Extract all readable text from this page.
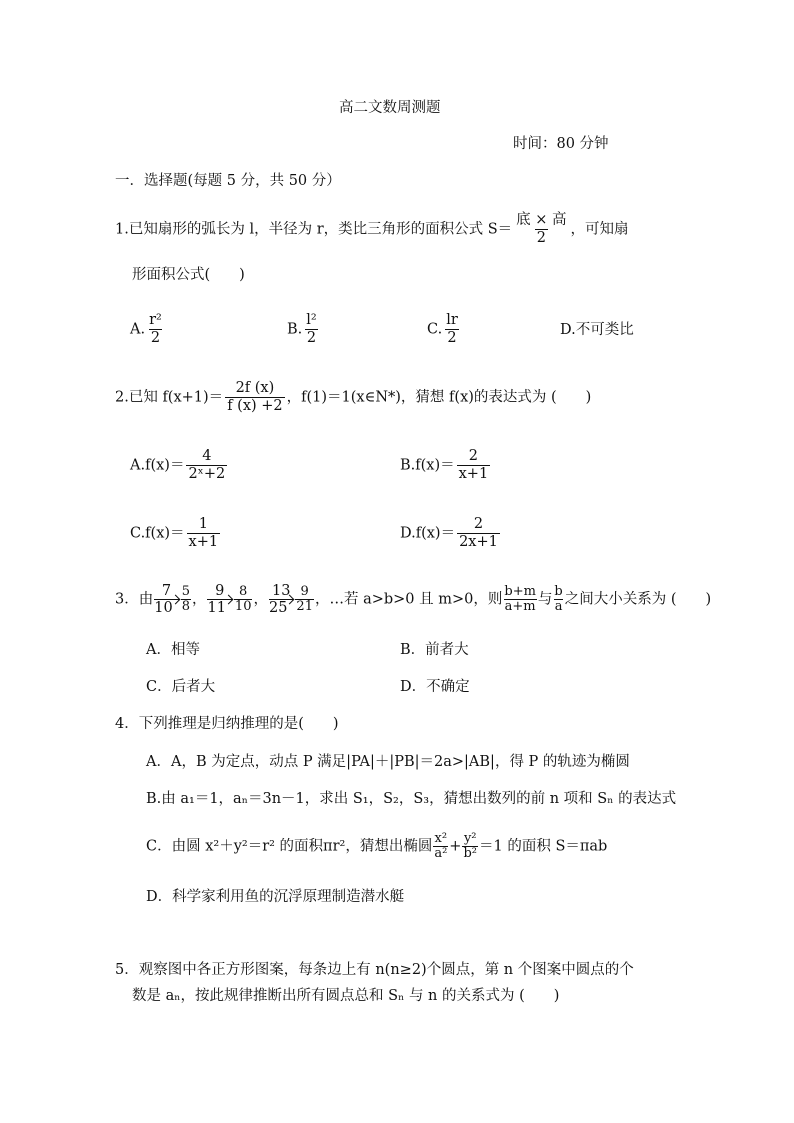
高二文数周测题
时间：80 分钟
一．选择题(每题 5 分，共 50 分）
1.已知扇形的弧长为 l，半径为 r，类比三角形的面积公式 S＝
底 × 高
2
，可知扇
形面积公式(　　)
A. $\frac{\text{r²}}{2}$	B. $\frac{\text{l²}}{2}$	C. $\frac{lr}{2}$	D.不可类比
2.已知 $f(x+1)= \frac{2f (x)}{f (x) +2}$ ，f(1)＝1(x∈N*)，猜想 f(x)的表达式为 (　　)
$A.f(x)= \frac{4}{\text{2ˣ+2}}$	$B.f(x)= \frac{2}{x+1}$
$C.f(x)= \frac{1}{x+1}$	$D.f(x)= \frac{2}{2x+1}$
3．由 $\frac{7}{10} \frac{5}{8}$ ， $\frac{9}{11} \frac{8}{10}$ ， $\frac{13}{25} \frac{9}{21}$ ，…若 a>b>0 且 m>0，则 $\frac{b+m}{a+m}$ 与 $\frac{b}{a}$ 之间大小关系为 (　　)
A．相等	B．前者大
C．后者大	D．不确定
4．下列推理是归纳推理的是(　　)
A．A，B 为定点，动点 P 满足|PA|＋|PB|＝2a>|AB|，得 P 的轨迹为椭圆
B.由 a₁＝1，aₙ＝3n－1，求出 S₁，S₂，S₃，猜想出数列的前 n 项和 Sₙ 的表达式
C．由圆 x²＋y²＝r² 的面积πr²，猜想出椭圆 $\frac{\text{x²}}{\text{a²}} + \frac{\text{y²}}{\text{b²}} =1$ 的面积 S＝πab
D．科学家利用鱼的沉浮原理制造潜水艇
5．观察图中各正方形图案，每条边上有 n(n≥2)个圆点，第 n 个图案中圆点的个
数是 aₙ，按此规律推断出所有圆点总和 Sₙ 与 n 的关系式为 (　　)
